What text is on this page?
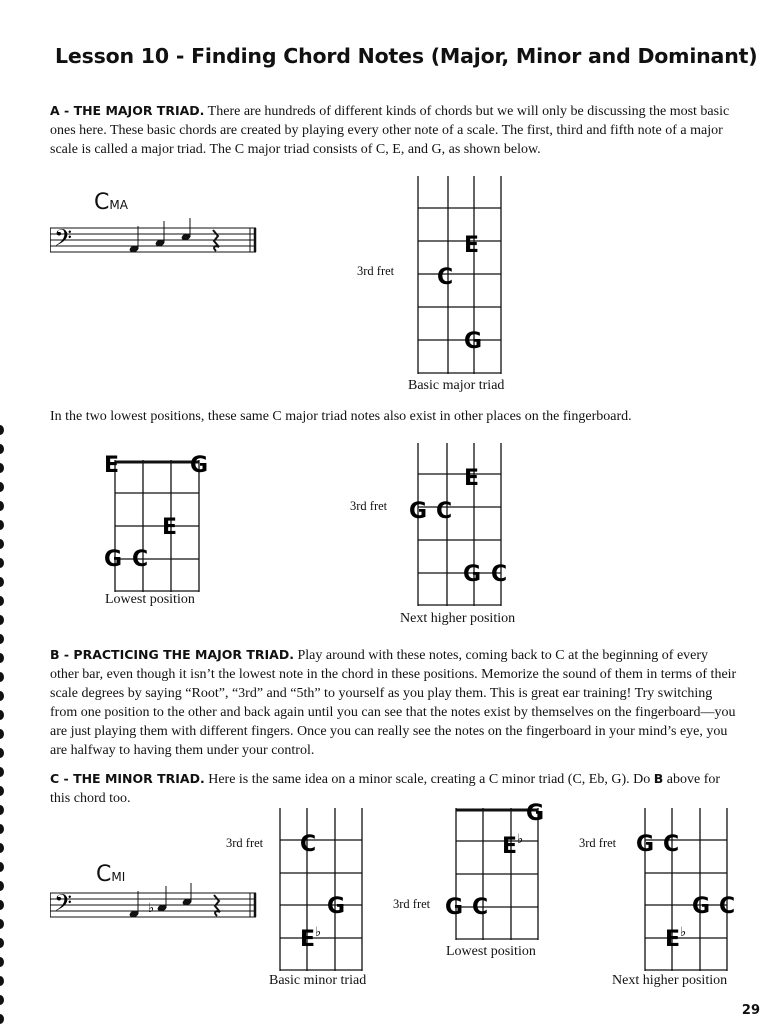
Lesson 10 - Finding Chord Notes (Major, Minor and Dominant)
A - THE MAJOR TRIAD. There are hundreds of different kinds of chords but we will only be discussing the most basic ones here. These basic chords are created by playing every other note of a scale. The first, third and fifth note of a major scale is called a major triad. The C major triad consists of C, E, and G, as shown below.
CMA
𝄢
3rd fret
E
C
G
Basic major triad
In the two lowest positions, these same C major triad notes also exist in other places on the fingerboard.
E	G
E
G C
Lowest position
3rd fret
E
G C
G C
Next higher position
B - PRACTICING THE MAJOR TRIAD. Play around with these notes, coming back to C at the beginning of every other bar, even though it isn’t the lowest note in the chord in these positions. Memorize the sound of them in terms of their scale degrees by saying “Root”, “3rd” and “5th” to yourself as you play them. This is great ear training! Try switching from one position to the other and back again until you can see that the notes exist by themselves on the fingerboard—you are just playing them with different fingers. Once you can really see the notes on the fingerboard in your mind’s eye, you are halfway to having them under your control.
C - THE MINOR TRIAD. Here is the same idea on a minor scale, creating a C minor triad (C, Eb, G). Do B above for this chord too.
CMI
𝄢	♭
3rd fret C
G
E ♭
Basic minor triad
3rd fret
G
E ♭
G C
Lowest position
3rd fret G C
G C
E ♭
Next higher position
29
